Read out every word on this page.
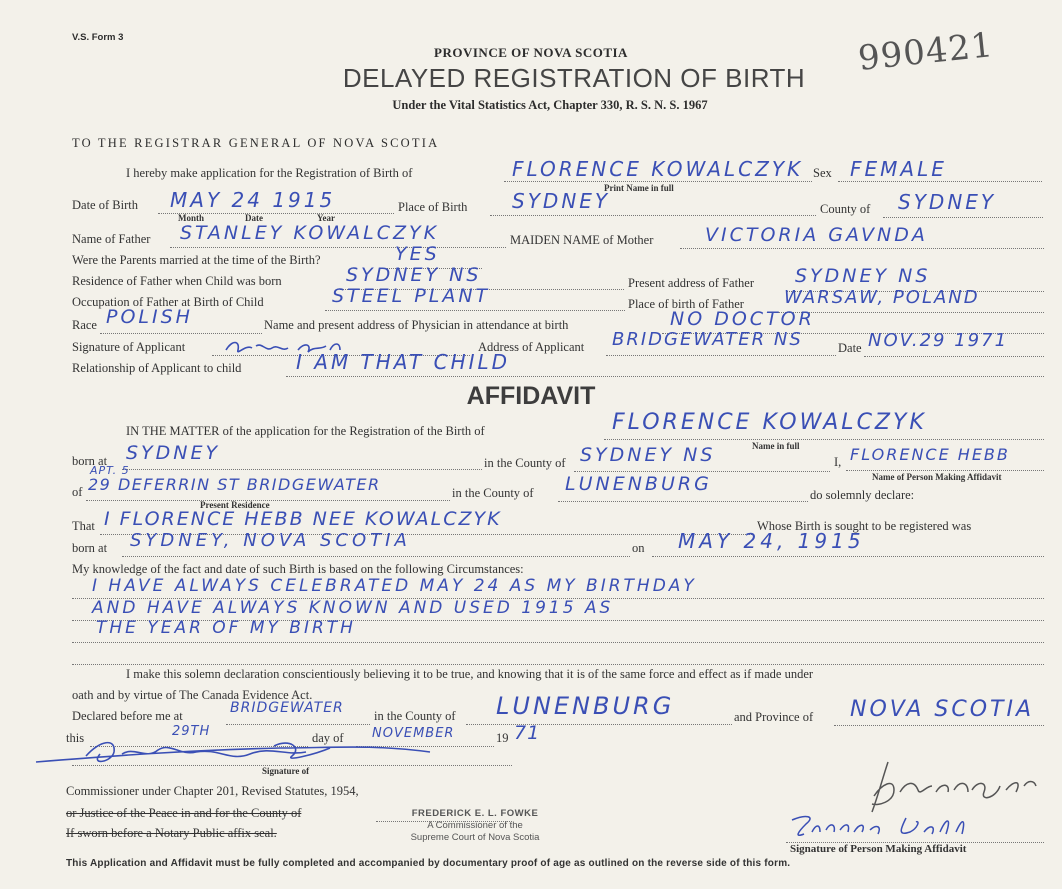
V.S. Form 3
PROVINCE OF NOVA SCOTIA
DELAYED REGISTRATION OF BIRTH
Under the Vital Statistics Act, Chapter 330, R. S. N. S. 1967
990421
TO THE REGISTRAR GENERAL OF NOVA SCOTIA
I hereby make application for the Registration of Birth of	FLORENCE KOWALCZYK
Print Name in full
Sex FEMALE
Date of Birth MAY 24 1915
Month	Date	Year
Place of Birth SYDNEY	County of SYDNEY
Name of Father STANLEY KOWALCZYK	MAIDEN NAME of Mother	VICTORIA GAVNDA
Were the Parents married at the time of the Birth?	YES
Residence of Father when Child was born	SYDNEY NS	Present address of Father SYDNEY NS
Occupation of Father at Birth of Child	STEEL PLANT	Place of birth of Father WARSAW, POLAND
Race POLISH	Name and present address of Physician in attendance at birth	NO DOCTOR
Signature of Applicant	Address of Applicant BRIDGEWATER NS	Date NOV.29 1971
Relationship of Applicant to child	I AM THAT CHILD
AFFIDAVIT
IN THE MATTER of the application for the Registration of the Birth of	FLORENCE KOWALCZYK
Name in full
born at SYDNEY	in the County of SYDNEY NS	I, FLORENCE HEBB
Name of Person Making Affidavit
of
APT. 5
29 DEFERRIN ST BRIDGEWATER
Present Residence
in the County of LUNENBURG	do solemnly declare:
That I FLORENCE HEBB NEE KOWALCZYK	Whose Birth is sought to be registered was
born at SYDNEY, NOVA SCOTIA	on MAY 24, 1915
My knowledge of the fact and date of such Birth is based on the following Circumstances:
I HAVE ALWAYS CELEBRATED MAY 24 AS MY BIRTHDAY
AND HAVE ALWAYS KNOWN AND USED 1915 AS
THE YEAR OF MY BIRTH
I make this solemn declaration conscientiously believing it to be true, and knowing that it is of the same force and effect as if made under
oath and by virtue of The Canada Evidence Act.
Declared before me at	BRIDGEWATER in the County of LUNENBURG	and Province of NOVA SCOTIA
this	29TH	day of NOVEMBER	19 71
Signature of
Commissioner under Chapter 201, Revised Statutes, 1954,
or Justice of the Peace in and for the County of
If sworn before a Notary Public affix seal.
FREDERICK E. L. FOWKE
A Commissioner of the
Supreme Court of Nova Scotia
Signature of Person Making Affidavit
This Application and Affidavit must be fully completed and accompanied by documentary proof of age as outlined on the reverse side of this form.
